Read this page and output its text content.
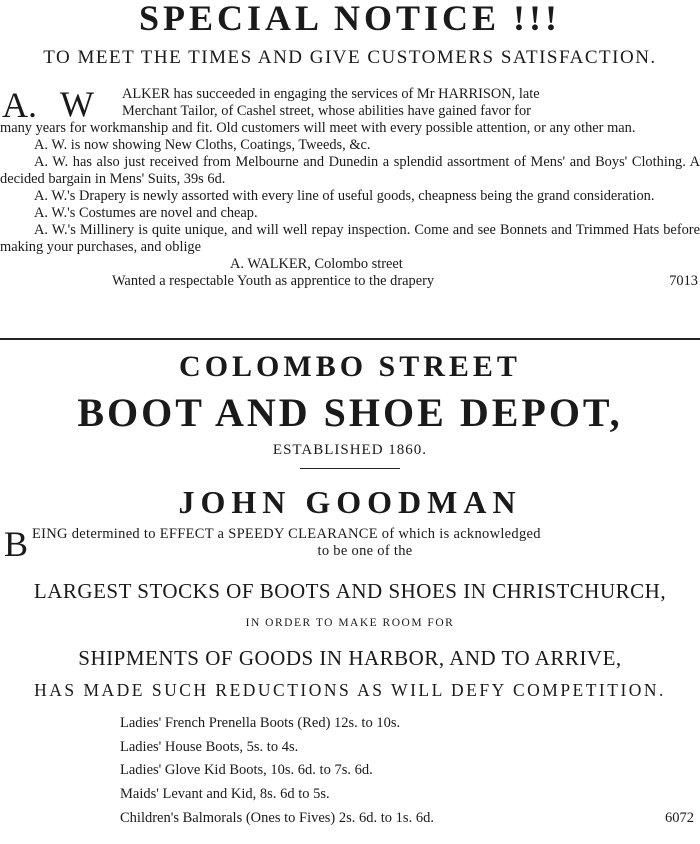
SPECIAL NOTICE !!!
TO MEET THE TIMES AND GIVE CUSTOMERS SATISFACTION.
A. W ALKER has succeeded in engaging the services of Mr HARRISON, late
Merchant Tailor, of Cashel street, whose abilities have gained favor for

many years for workmanship and fit. Old customers will meet with every possible attention, or any other man.

A. W. is now showing New Cloths, Coatings, Tweeds, &c.

A. W. has also just received from Melbourne and Dunedin a splendid assortment of Mens' and Boys' Clothing. A decided bargain in Mens' Suits, 39s 6d.

A. W.'s Drapery is newly assorted with every line of useful goods, cheapness being the grand consideration.

A. W.'s Costumes are novel and cheap.

A. W.'s Millinery is quite unique, and will well repay inspection. Come and see Bonnets and Trimmed Hats before making your purchases, and oblige

A. WALKER, Colombo street
Wanted a respectable Youth as apprentice to the drapery	7013
COLOMBO STREET
BOOT AND SHOE DEPOT,
ESTABLISHED 1860.
JOHN GOODMAN
B EING determined to EFFECT a SPEEDY CLEARANCE of which is acknowledged
to be one of the
LARGEST STOCKS OF BOOTS AND SHOES IN CHRISTCHURCH,
IN ORDER TO MAKE ROOM FOR
SHIPMENTS OF GOODS IN HARBOR, AND TO ARRIVE,
HAS MADE SUCH REDUCTIONS AS WILL DEFY COMPETITION.
Ladies' French Prenella Boots (Red) 12s. to 10s.
Ladies' House Boots, 5s. to 4s.
Ladies' Glove Kid Boots, 10s. 6d. to 7s. 6d.
Maids' Levant and Kid, 8s. 6d to 5s.
Children's Balmorals (Ones to Fives) 2s. 6d. to 1s. 6d.	6072
